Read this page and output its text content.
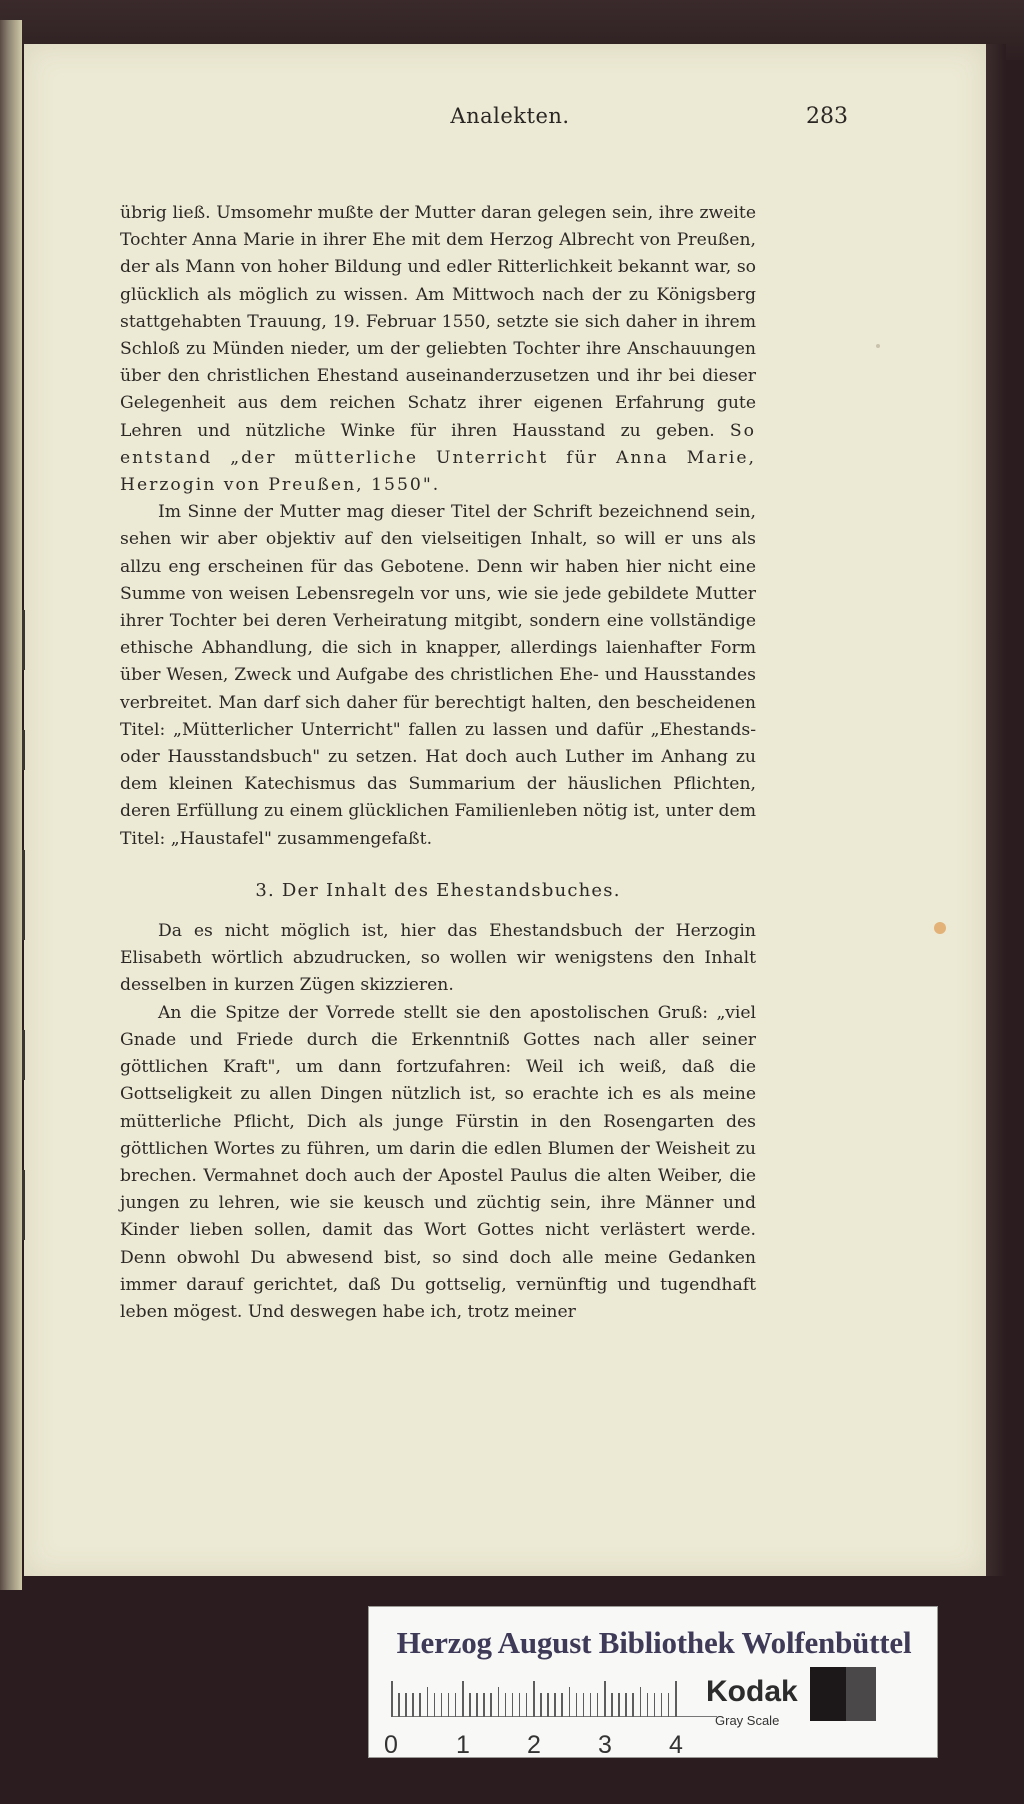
Analekten.	283

übrig ließ. Umsomehr mußte der Mutter daran gelegen sein, ihre zweite Tochter Anna Marie in ihrer Ehe mit dem Herzog Albrecht von Preußen, der als Mann von hoher Bildung und edler Ritterlichkeit bekannt war, so glücklich als möglich zu wissen. Am Mittwoch nach der zu Königsberg stattgehabten Trauung, 19. Februar 1550, setzte sie sich daher in ihrem Schloß zu Münden nieder, um der geliebten Tochter ihre Anschauungen über den christlichen Ehestand auseinanderzusetzen und ihr bei dieser Gelegenheit aus dem reichen Schatz ihrer eigenen Erfahrung gute Lehren und nützliche Winke für ihren Hausstand zu geben. So entstand „der mütterliche Unterricht für Anna Marie, Herzogin von Preußen, 1550".

Im Sinne der Mutter mag dieser Titel der Schrift bezeichnend sein, sehen wir aber objektiv auf den vielseitigen Inhalt, so will er uns als allzu eng erscheinen für das Gebotene. Denn wir haben hier nicht eine Summe von weisen Lebensregeln vor uns, wie sie jede gebildete Mutter ihrer Tochter bei deren Verheiratung mitgibt, sondern eine vollständige ethische Abhandlung, die sich in knapper, allerdings laienhafter Form über Wesen, Zweck und Aufgabe des christlichen Ehe- und Hausstandes verbreitet. Man darf sich daher für berechtigt halten, den bescheidenen Titel: „Mütterlicher Unterricht" fallen zu lassen und dafür „Ehestands- oder Hausstandsbuch" zu setzen. Hat doch auch Luther im Anhang zu dem kleinen Katechismus das Summarium der häuslichen Pflichten, deren Erfüllung zu einem glücklichen Familienleben nötig ist, unter dem Titel: „Haustafel" zusammengefaßt.

3. Der Inhalt des Ehestandsbuches.

Da es nicht möglich ist, hier das Ehestandsbuch der Herzogin Elisabeth wörtlich abzudrucken, so wollen wir wenigstens den Inhalt desselben in kurzen Zügen skizzieren.

An die Spitze der Vorrede stellt sie den apostolischen Gruß: „viel Gnade und Friede durch die Erkenntniß Gottes nach aller seiner göttlichen Kraft", um dann fortzufahren: Weil ich weiß, daß die Gottseligkeit zu allen Dingen nützlich ist, so erachte ich es als meine mütterliche Pflicht, Dich als junge Fürstin in den Rosengarten des göttlichen Wortes zu führen, um darin die edlen Blumen der Weisheit zu brechen. Vermahnet doch auch der Apostel Paulus die alten Weiber, die jungen zu lehren, wie sie keusch und züchtig sein, ihre Männer und Kinder lieben sollen, damit das Wort Gottes nicht verlästert werde. Denn obwohl Du abwesend bist, so sind doch alle meine Gedanken immer darauf gerichtet, daß Du gottselig, vernünftig und tugendhaft leben mögest. Und deswegen habe ich, trotz meiner

Herzog August Bibliothek Wolfenbüttel
0 1 2 3 4
Kodak
Gray Scale
